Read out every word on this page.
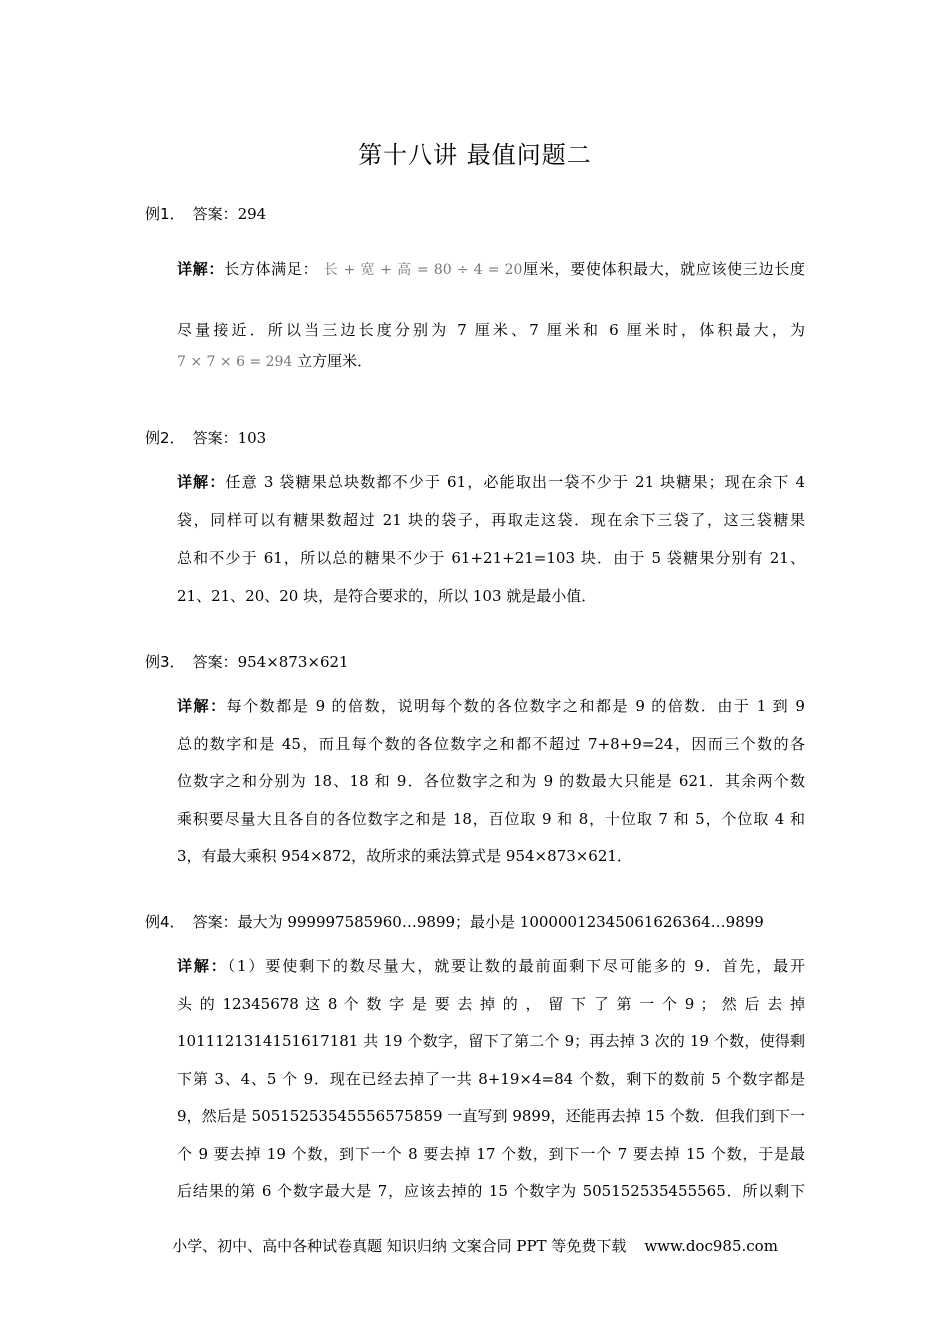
第十八讲 最值问题二
例1． 答案：294
详解：长方体满足： 长 + 宽 + 高 = 80 ÷ 4 = 20厘米，要使体积最大，就应该使三边长度
尽量接近．所以当三边长度分别为 7 厘米、7 厘米和 6 厘米时，体积最大，为
7 × 7 × 6 = 294 立方厘米．
例2． 答案：103
详解：任意 3 袋糖果总块数都不少于 61，必能取出一袋不少于 21 块糖果；现在余下 4
袋，同样可以有糖果数超过 21 块的袋子，再取走这袋．现在余下三袋了，这三袋糖果
总和不少于 61，所以总的糖果不少于 61+21+21=103 块．由于 5 袋糖果分别有 21、
21、21、20、20 块，是符合要求的，所以 103 就是最小值．
例3． 答案：954×873×621
详解：每个数都是 9 的倍数，说明每个数的各位数字之和都是 9 的倍数．由于 1 到 9
总的数字和是 45，而且每个数的各位数字之和都不超过 7+8+9=24，因而三个数的各
位数字之和分别为 18、18 和 9．各位数字之和为 9 的数最大只能是 621．其余两个数
乘积要尽量大且各自的各位数字之和是 18，百位取 9 和 8，十位取 7 和 5，个位取 4 和
3，有最大乘积 954×872，故所求的乘法算式是 954×873×621．
例4． 答案：最大为 999997585960…9899；最小是 10000012345061626364…9899
详解：（1）要使剩下的数尽量大，就要让数的最前面剩下尽可能多的 9．首先，最开
头 的 12345678 这 8 个 数 字 是 要 去 掉 的 ， 留 下 了 第 一 个 9 ； 然 后 去 掉
1011121314151617181 共 19 个数字，留下了第二个 9；再去掉 3 次的 19 个数，使得剩
下第 3、4、5 个 9．现在已经去掉了一共 8+19×4=84 个数，剩下的数前 5 个数字都是
9，然后是 50515253545556575859 一直写到 9899，还能再去掉 15 个数．但我们到下一
个 9 要去掉 19 个数，到下一个 8 要去掉 17 个数，到下一个 7 要去掉 15 个数，于是最
后结果的第 6 个数字最大是 7，应该去掉的 15 个数字为 505152535455565．所以剩下
小学、初中、高中各种试卷真题 知识归纳 文案合同 PPT 等免费下载 www.doc985.com
